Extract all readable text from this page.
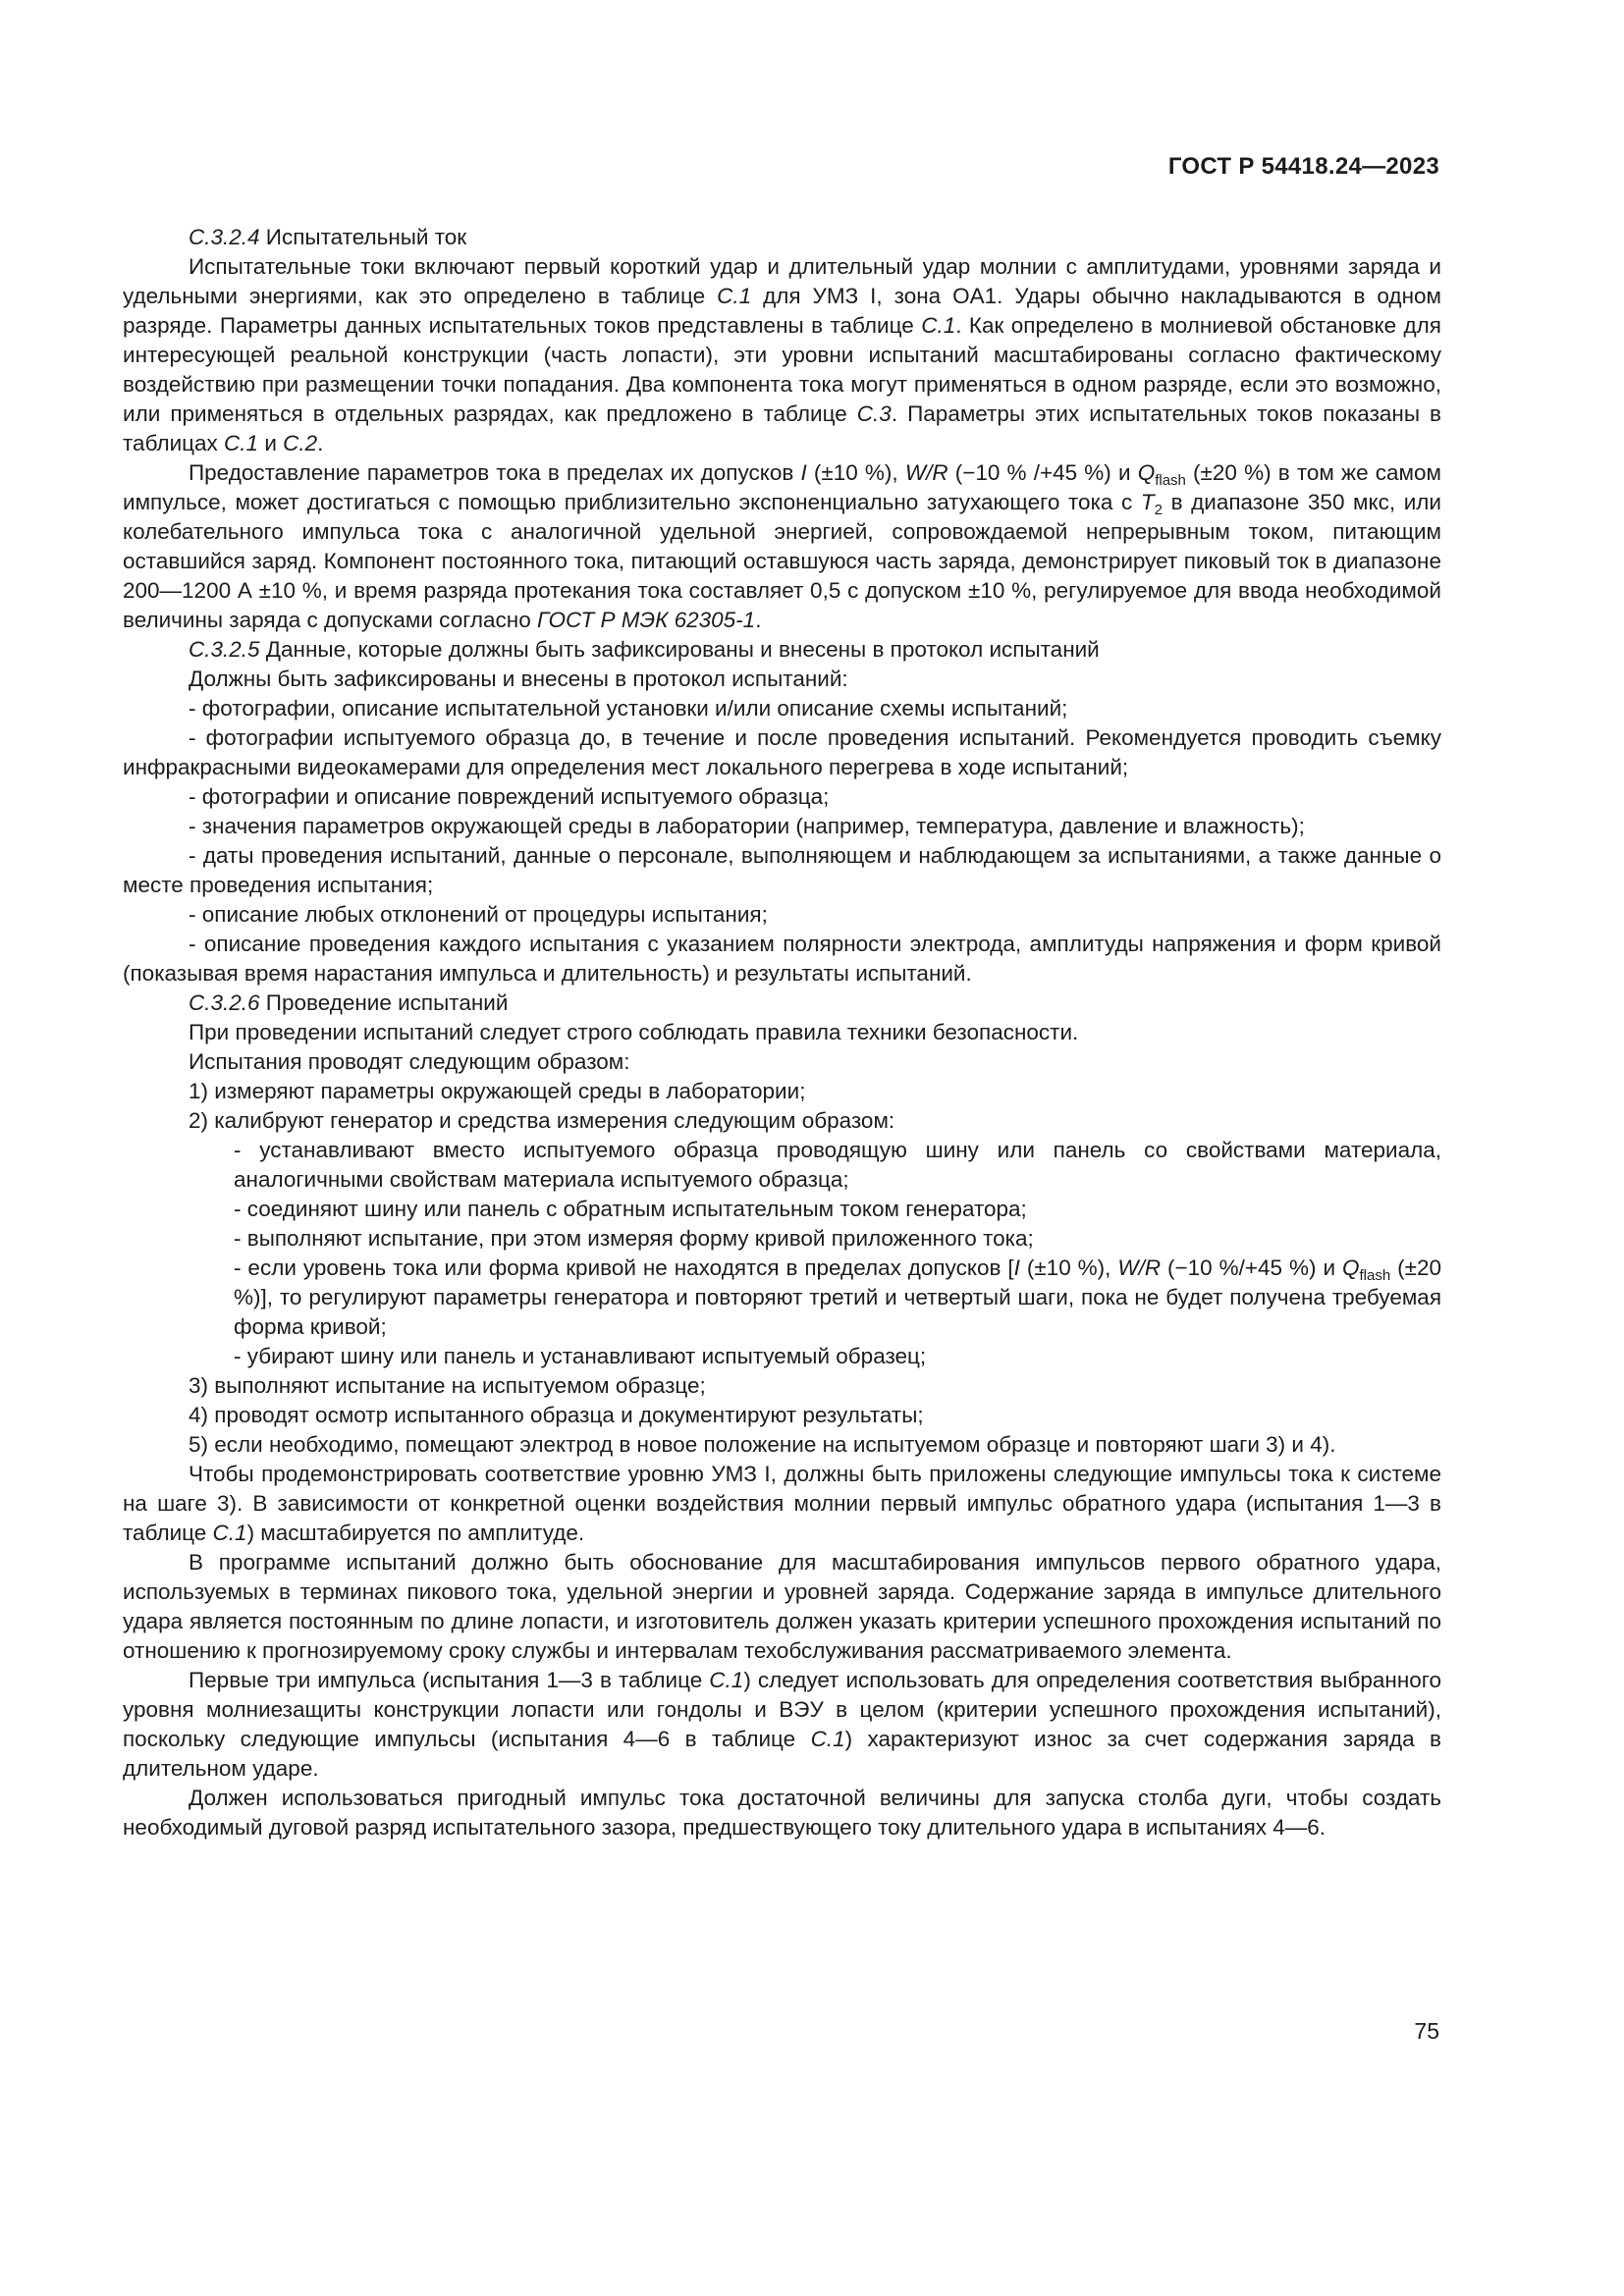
ГОСТ Р 54418.24—2023

С.3.2.4 Испытательный ток

Испытательные токи включают первый короткий удар и длительный удар молнии с амплитудами, уровнями заряда и удельными энергиями, как это определено в таблице С.1 для УМЗ I, зона OA1. Удары обычно накладываются в одном разряде. Параметры данных испытательных токов представлены в таблице С.1. Как определено в молниевой обстановке для интересующей реальной конструкции (часть лопасти), эти уровни испытаний масштабированы согласно фактическому воздействию при размещении точки попадания. Два компонента тока могут применяться в одном разряде, если это возможно, или применяться в отдельных разрядах, как предложено в таблице С.3. Параметры этих испытательных токов показаны в таблицах С.1 и С.2.

Предоставление параметров тока в пределах их допусков I (±10 %), W/R (−10 % /+45 %) и $Q_{flash}$ (±20 %) в том же самом импульсе, может достигаться с помощью приблизительно экспоненциально затухающего тока с $T_2$ в диапазоне 350 мкс, или колебательного импульса тока с аналогичной удельной энергией, сопровождаемой непрерывным током, питающим оставшийся заряд. Компонент постоянного тока, питающий оставшуюся часть заряда, демонстрирует пиковый ток в диапазоне 200—1200 А ±10 %, и время разряда протекания тока составляет 0,5 с допуском ±10 %, регулируемое для ввода необходимой величины заряда с допусками согласно ГОСТ Р МЭК 62305-1.

С.3.2.5 Данные, которые должны быть зафиксированы и внесены в протокол испытаний

Должны быть зафиксированы и внесены в протокол испытаний:

- фотографии, описание испытательной установки и/или описание схемы испытаний;

- фотографии испытуемого образца до, в течение и после проведения испытаний. Рекомендуется проводить съемку инфракрасными видеокамерами для определения мест локального перегрева в ходе испытаний;

- фотографии и описание повреждений испытуемого образца;

- значения параметров окружающей среды в лаборатории (например, температура, давление и влажность);

- даты проведения испытаний, данные о персонале, выполняющем и наблюдающем за испытаниями, а также данные о месте проведения испытания;

- описание любых отклонений от процедуры испытания;

- описание проведения каждого испытания с указанием полярности электрода, амплитуды напряжения и форм кривой (показывая время нарастания импульса и длительность) и результаты испытаний.

С.3.2.6 Проведение испытаний

При проведении испытаний следует строго соблюдать правила техники безопасности.

Испытания проводят следующим образом:

1) измеряют параметры окружающей среды в лаборатории;

2) калибруют генератор и средства измерения следующим образом:

- устанавливают вместо испытуемого образца проводящую шину или панель со свойствами материала, аналогичными свойствам материала испытуемого образца;

- соединяют шину или панель с обратным испытательным током генератора;

- выполняют испытание, при этом измеряя форму кривой приложенного тока;

- если уровень тока или форма кривой не находятся в пределах допусков [I (±10 %), W/R (−10 %/+45 %) и $Q_{flash}$ (±20 %)], то регулируют параметры генератора и повторяют третий и четвертый шаги, пока не будет получена требуемая форма кривой;

- убирают шину или панель и устанавливают испытуемый образец;

3) выполняют испытание на испытуемом образце;

4) проводят осмотр испытанного образца и документируют результаты;

5) если необходимо, помещают электрод в новое положение на испытуемом образце и повторяют шаги 3) и 4).

Чтобы продемонстрировать соответствие уровню УМЗ I, должны быть приложены следующие импульсы тока к системе на шаге 3). В зависимости от конкретной оценки воздействия молнии первый импульс обратного удара (испытания 1—3 в таблице С.1) масштабируется по амплитуде.

В программе испытаний должно быть обоснование для масштабирования импульсов первого обратного удара, используемых в терминах пикового тока, удельной энергии и уровней заряда. Содержание заряда в импульсе длительного удара является постоянным по длине лопасти, и изготовитель должен указать критерии успешного прохождения испытаний по отношению к прогнозируемому сроку службы и интервалам техобслуживания рассматриваемого элемента.

Первые три импульса (испытания 1—3 в таблице С.1) следует использовать для определения соответствия выбранного уровня молниезащиты конструкции лопасти или гондолы и ВЭУ в целом (критерии успешного прохождения испытаний), поскольку следующие импульсы (испытания 4—6 в таблице С.1) характеризуют износ за счет содержания заряда в длительном ударе.

Должен использоваться пригодный импульс тока достаточной величины для запуска столба дуги, чтобы создать необходимый дуговой разряд испытательного зазора, предшествующего току длительного удара в испытаниях 4—6.

75
